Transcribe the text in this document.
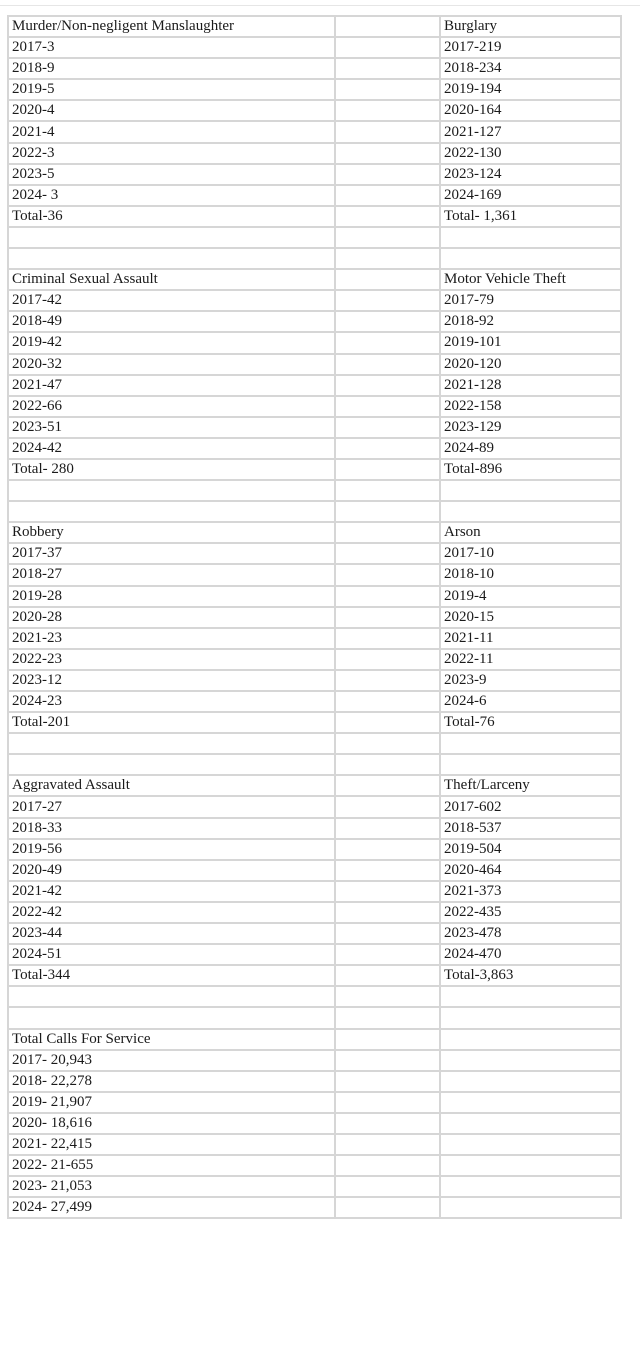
Murder/Non-negligent Manslaughter		Burglary
2017-3		2017-219
2018-9		2018-234
2019-5		2019-194
2020-4		2020-164
2021-4		2021-127
2022-3		2022-130
2023-5		2023-124
2024- 3		2024-169
Total-36		Total- 1,361

Criminal Sexual Assault		Motor Vehicle Theft
2017-42		2017-79
2018-49		2018-92
2019-42		2019-101
2020-32		2020-120
2021-47		2021-128
2022-66		2022-158
2023-51		2023-129
2024-42		2024-89
Total- 280		Total-896

Robbery		Arson
2017-37		2017-10
2018-27		2018-10
2019-28		2019-4
2020-28		2020-15
2021-23		2021-11
2022-23		2022-11
2023-12		2023-9
2024-23		2024-6
Total-201		Total-76

Aggravated Assault		Theft/Larceny
2017-27		2017-602
2018-33		2018-537
2019-56		2019-504
2020-49		2020-464
2021-42		2021-373
2022-42		2022-435
2023-44		2023-478
2024-51		2024-470
Total-344		Total-3,863

Total Calls For Service		
2017- 20,943		
2018- 22,278		
2019- 21,907		
2020- 18,616		
2021- 22,415		
2022- 21-655		
2023- 21,053		
2024- 27,499		
